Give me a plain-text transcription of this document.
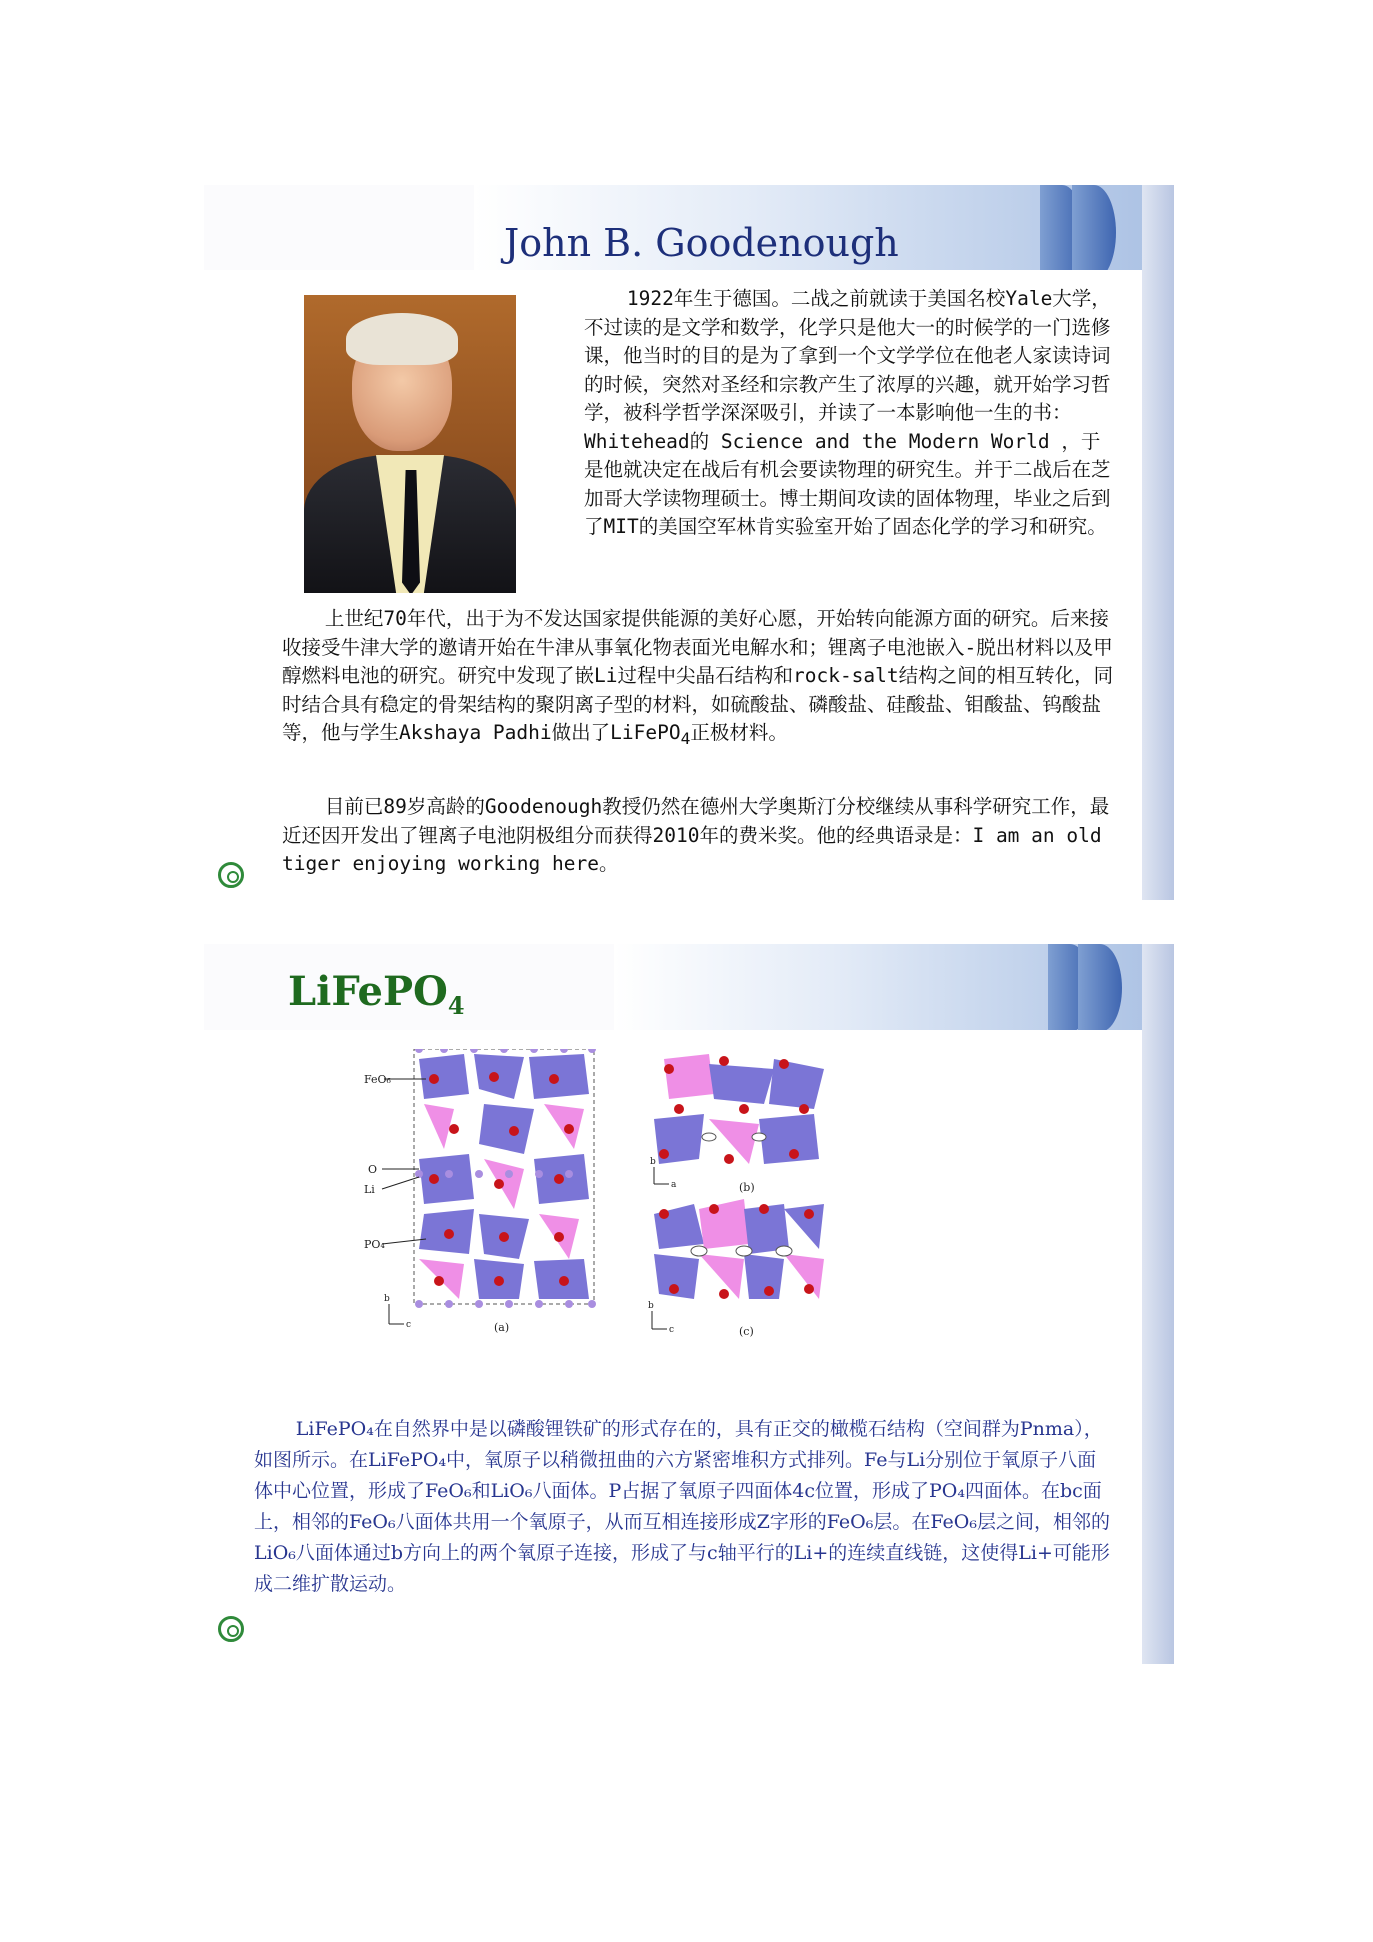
John B. Goodenough

1922年生于德国。二战之前就读于美国名校Yale大学，不过读的是文学和数学，化学只是他大一的时候学的一门选修课，他当时的目的是为了拿到一个文学学位在他老人家读诗词的时候，突然对圣经和宗教产生了浓厚的兴趣，就开始学习哲学，被科学哲学深深吸引，并读了一本影响他一生的书：Whitehead的 Science and the Modern World ，于是他就决定在战后有机会要读物理的研究生。并于二战后在芝加哥大学读物理硕士。博士期间攻读的固体物理，毕业之后到了MIT的美国空军林肯实验室开始了固态化学的学习和研究。

上世纪70年代，出于为不发达国家提供能源的美好心愿，开始转向能源方面的研究。后来接收接受牛津大学的邀请开始在牛津从事氧化物表面光电解水和；锂离子电池嵌入-脱出材料以及甲醇燃料电池的研究。研究中发现了嵌Li过程中尖晶石结构和rock-salt结构之间的相互转化，同时结合具有稳定的骨架结构的聚阴离子型的材料，如硫酸盐、磷酸盐、硅酸盐、钼酸盐、钨酸盐等，他与学生Akshaya Padhi做出了LiFePO$_4$正极材料。

目前已89岁高龄的Goodenough教授仍然在德州大学奥斯汀分校继续从事科学研究工作，最近还因开发出了锂离子电池阴极组分而获得2010年的费米奖。他的经典语录是：I am an old tiger enjoying working here。

LiFePO$_4$
FeO₆
O
Li
PO₄
b
c	(a)
b
a	(b)
b
c	(c)

LiFePO₄在自然界中是以磷酸锂铁矿的形式存在的，具有正交的橄榄石结构（空间群为Pnma），如图所示。在LiFePO₄中，氧原子以稍微扭曲的六方紧密堆积方式排列。Fe与Li分别位于氧原子八面体中心位置，形成了FeO₆和LiO₆八面体。P占据了氧原子四面体4c位置，形成了PO₄四面体。在bc面上，相邻的FeO₆八面体共用一个氧原子，从而互相连接形成Z字形的FeO₆层。在FeO₆层之间，相邻的LiO₆八面体通过b方向上的两个氧原子连接，形成了与c轴平行的Li+的连续直线链，这使得Li+可能形成二维扩散运动。
